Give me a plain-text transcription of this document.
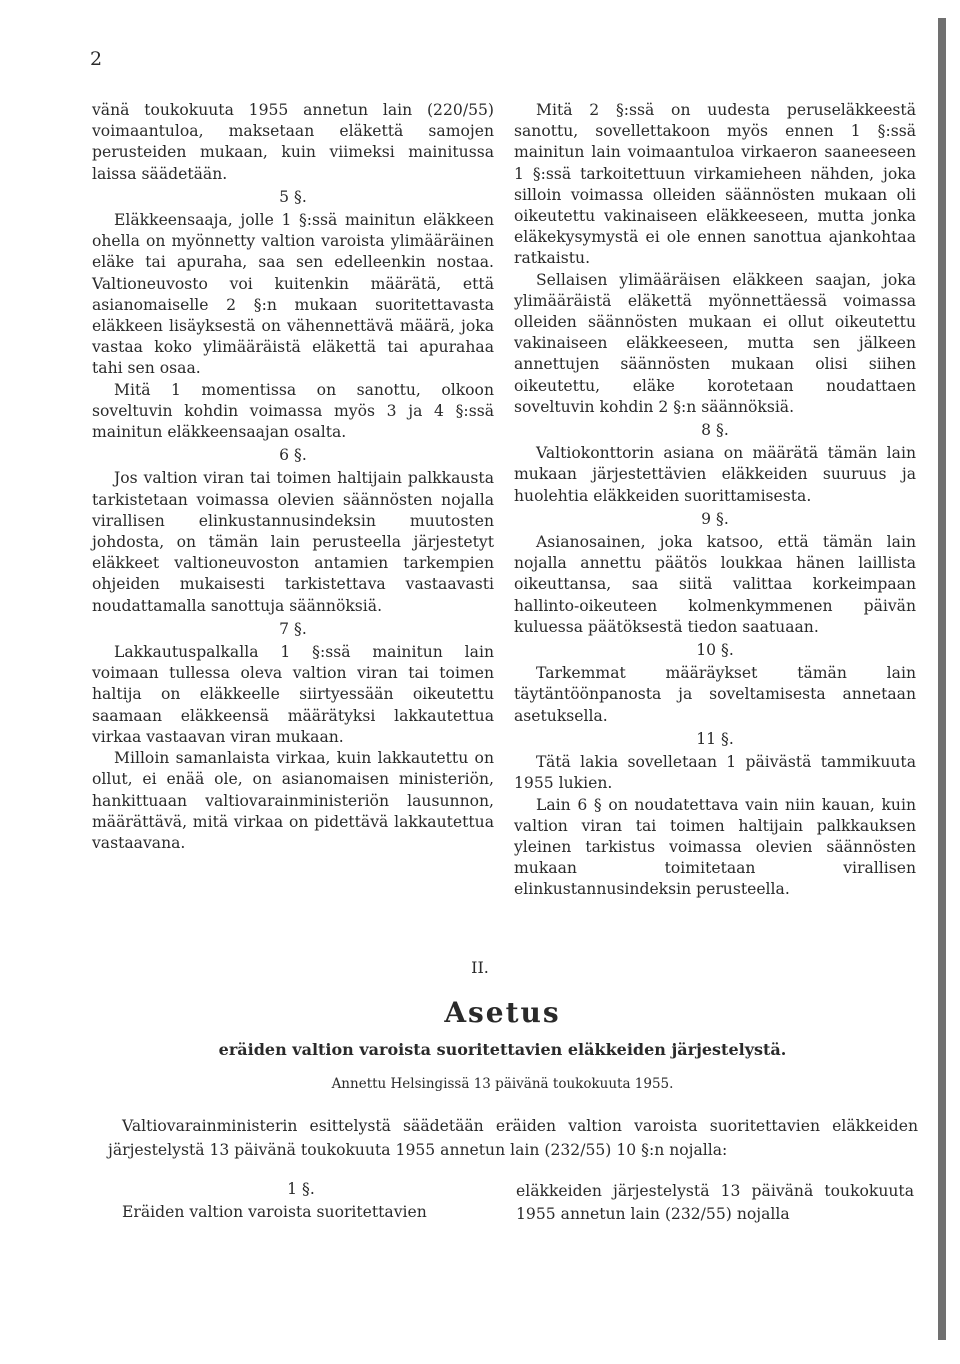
2

vänä toukokuuta 1955 annetun lain (220/55) voimaantuloa, maksetaan eläkettä samojen perusteiden mukaan, kuin viimeksi mainitussa laissa säädetään.

5 §.

Eläkkeensaaja, jolle 1 §:ssä mainitun eläkkeen ohella on myönnetty valtion varoista ylimääräinen eläke tai apuraha, saa sen edelleenkin nostaa. Valtioneuvosto voi kuitenkin määrätä, että asianomaiselle 2 §:n mukaan suoritettavasta eläkkeen lisäyksestä on vähennettävä määrä, joka vastaa koko ylimääräistä eläkettä tai apurahaa tahi sen osaa.

Mitä 1 momentissa on sanottu, olkoon soveltuvin kohdin voimassa myös 3 ja 4 §:ssä mainitun eläkkeensaajan osalta.

6 §.

Jos valtion viran tai toimen haltijain palkkausta tarkistetaan voimassa olevien säännösten nojalla virallisen elinkustannusindeksin muutosten johdosta, on tämän lain perusteella järjestetyt eläkkeet valtioneuvoston antamien tarkempien ohjeiden mukaisesti tarkistettava vastaavasti noudattamalla sanottuja säännöksiä.

7 §.

Lakkautuspalkalla 1 §:ssä mainitun lain voimaan tullessa oleva valtion viran tai toimen haltija on eläkkeelle siirtyessään oikeutettu saamaan eläkkeensä määrätyksi lakkautettua virkaa vastaavan viran mukaan.

Milloin samanlaista virkaa, kuin lakkautettu on ollut, ei enää ole, on asianomaisen ministeriön, hankittuaan valtiovarainministeriön lausunnon, määrättävä, mitä virkaa on pidettävä lakkautettua vastaavana.

Mitä 2 §:ssä on uudesta peruseläkkeestä sanottu, sovellettakoon myös ennen 1 §:ssä mainitun lain voimaantuloa virkaeron saaneeseen 1 §:ssä tarkoitettuun virkamieheen nähden, joka silloin voimassa olleiden säännösten mukaan oli oikeutettu vakinaiseen eläkkeeseen, mutta jonka eläkekysymystä ei ole ennen sanottua ajankohtaa ratkaistu.

Sellaisen ylimääräisen eläkkeen saajan, joka ylimääräistä eläkettä myönnettäessä voimassa olleiden säännösten mukaan ei ollut oikeutettu vakinaiseen eläkkeeseen, mutta sen jälkeen annettujen säännösten mukaan olisi siihen oikeutettu, eläke korotetaan noudattaen soveltuvin kohdin 2 §:n säännöksiä.

8 §.

Valtiokonttorin asiana on määrätä tämän lain mukaan järjestettävien eläkkeiden suuruus ja huolehtia eläkkeiden suorittamisesta.

9 §.

Asianosainen, joka katsoo, että tämän lain nojalla annettu päätös loukkaa hänen laillista oikeuttansa, saa siitä valittaa korkeimpaan hallinto-oikeuteen kolmenkymmenen päivän kuluessa päätöksestä tiedon saatuaan.

10 §.

Tarkemmat määräykset tämän lain täytäntöönpanosta ja soveltamisesta annetaan asetuksella.

11 §.

Tätä lakia sovelletaan 1 päivästä tammikuuta 1955 lukien.

Lain 6 § on noudatettava vain niin kauan, kuin valtion viran tai toimen haltijain palkkauksen yleinen tarkistus voimassa olevien säännösten mukaan toimitetaan virallisen elinkustannusindeksin perusteella.

II.
Asetus
eräiden valtion varoista suoritettavien eläkkeiden järjestelystä.
Annettu Helsingissä 13 päivänä toukokuuta 1955.

Valtiovarainministerin esittelystä säädetään eräiden valtion varoista suoritettavien eläkkeiden järjestelystä 13 päivänä toukokuuta 1955 annetun lain (232/55) 10 §:n nojalla:

1 §.

Eräiden valtion varoista suoritettavien

eläkkeiden järjestelystä 13 päivänä toukokuuta 1955 annetun lain (232/55) nojalla
